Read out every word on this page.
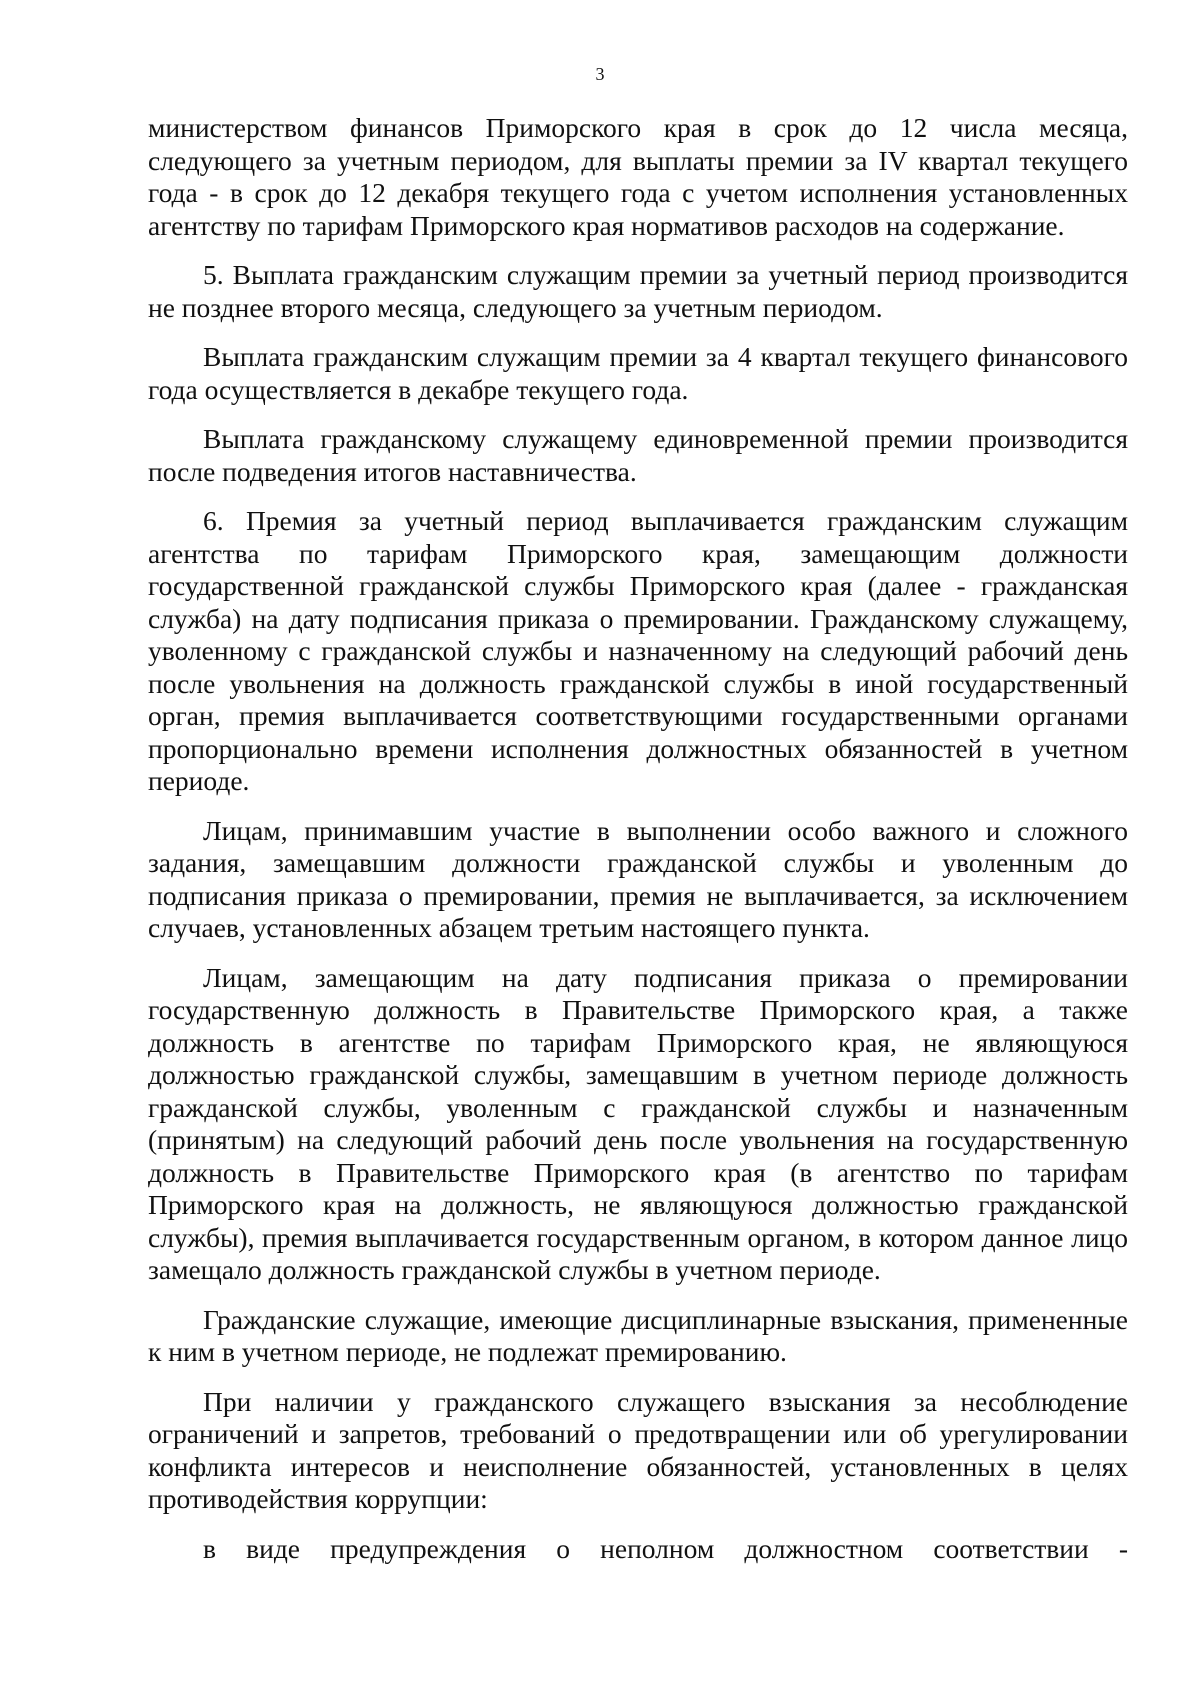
3

министерством финансов Приморского края в срок до 12 числа месяца, следующего за учетным периодом, для выплаты премии за IV квартал текущего года - в срок до 12 декабря текущего года с учетом исполнения установленных агентству по тарифам Приморского края нормативов расходов на содержание.

5. Выплата гражданским служащим премии за учетный период производится не позднее второго месяца, следующего за учетным периодом.

Выплата гражданским служащим премии за 4 квартал текущего финансового года осуществляется в декабре текущего года.

Выплата гражданскому служащему единовременной премии производится после подведения итогов наставничества.

6. Премия за учетный период выплачивается гражданским служащим агентства по тарифам Приморского края, замещающим должности государственной гражданской службы Приморского края (далее - гражданская служба) на дату подписания приказа о премировании. Гражданскому служащему, уволенному с гражданской службы и назначенному на следующий рабочий день после увольнения на должность гражданской службы в иной государственный орган, премия выплачивается соответствующими государственными органами пропорционально времени исполнения должностных обязанностей в учетном периоде.

Лицам, принимавшим участие в выполнении особо важного и сложного задания, замещавшим должности гражданской службы и уволенным до подписания приказа о премировании, премия не выплачивается, за исключением случаев, установленных абзацем третьим настоящего пункта.

Лицам, замещающим на дату подписания приказа о премировании государственную должность в Правительстве Приморского края, а также должность в агентстве по тарифам Приморского края, не являющуюся должностью гражданской службы, замещавшим в учетном периоде должность гражданской службы, уволенным с гражданской службы и назначенным (принятым) на следующий рабочий день после увольнения на государственную должность в Правительстве Приморского края (в агентство по тарифам Приморского края на должность, не являющуюся должностью гражданской службы), премия выплачивается государственным органом, в котором данное лицо замещало должность гражданской службы в учетном периоде.

Гражданские служащие, имеющие дисциплинарные взыскания, примененные к ним в учетном периоде, не подлежат премированию.

При наличии у гражданского служащего взыскания за несоблюдение ограничений и запретов, требований о предотвращении или об урегулировании конфликта интересов и неисполнение обязанностей, установленных в целях противодействия коррупции:

в виде предупреждения о неполном должностном соответствии -
